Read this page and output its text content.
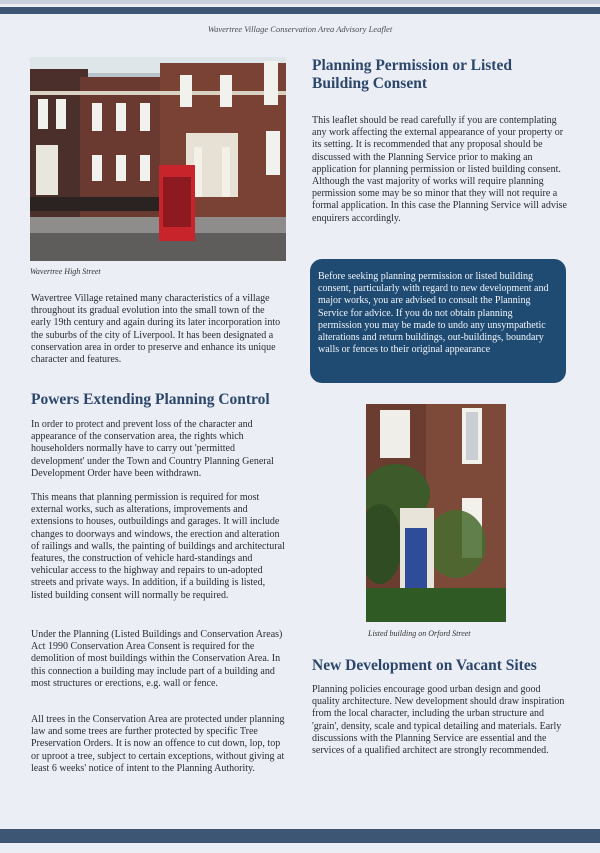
Wavertree Village Conservation Area Advisory Leaflet
Wavertree High Street

Wavertree Village retained many characteristics of a village throughout its gradual evolution into the small town of the early 19th century and again during its later incorporation into the suburbs of the city of Liverpool. It has been designated a conservation area in order to preserve and enhance its unique character and features.

Powers Extending Planning Control

In order to protect and prevent loss of the character and appearance of the conservation area, the rights which householders normally have to carry out 'permitted development' under the Town and Country Planning General Development Order have been withdrawn.

This means that planning permission is required for most external works, such as alterations, improvements and extensions to houses, outbuildings and garages. It will include changes to doorways and windows, the erection and alteration of railings and walls, the painting of buildings and architectural features, the construction of vehicle hard-standings and vehicular access to the highway and repairs to un-adopted streets and private ways. In addition, if a building is listed, listed building consent will normally be required.

Under the Planning (Listed Buildings and Conservation Areas) Act 1990 Conservation Area Consent is required for the demolition of most buildings within the Conservation Area. In this connection a building may include part of a building and most structures or erections, e.g. wall or fence.

All trees in the Conservation Area are protected under planning law and some trees are further protected by specific Tree Preservation Orders. It is now an offence to cut down, lop, top or uproot a tree, subject to certain exceptions, without giving at least 6 weeks' notice of intent to the Planning Authority.

Planning Permission or Listed Building Consent

This leaflet should be read carefully if you are contemplating any work affecting the external appearance of your property or its setting. It is recommended that any proposal should be discussed with the Planning Service prior to making an application for planning permission or listed building consent. Although the vast majority of works will require planning permission some may be so minor that they will not require a formal application. In this case the Planning Service will advise enquirers accordingly.

Before seeking planning permission or listed building consent, particularly with regard to new development and major works, you are advised to consult the Planning Service for advice. If you do not obtain planning permission you may be made to undo any unsympathetic alterations and return buildings, out-buildings, boundary walls or fences to their original appearance
Listed building on Orford Street
New Development on Vacant Sites

Planning policies encourage good urban design and good quality architecture. New development should draw inspiration from the local character, including the urban structure and 'grain', density, scale and typical detailing and materials. Early discussions with the Planning Service are essential and the services of a qualified architect are strongly recommended.
